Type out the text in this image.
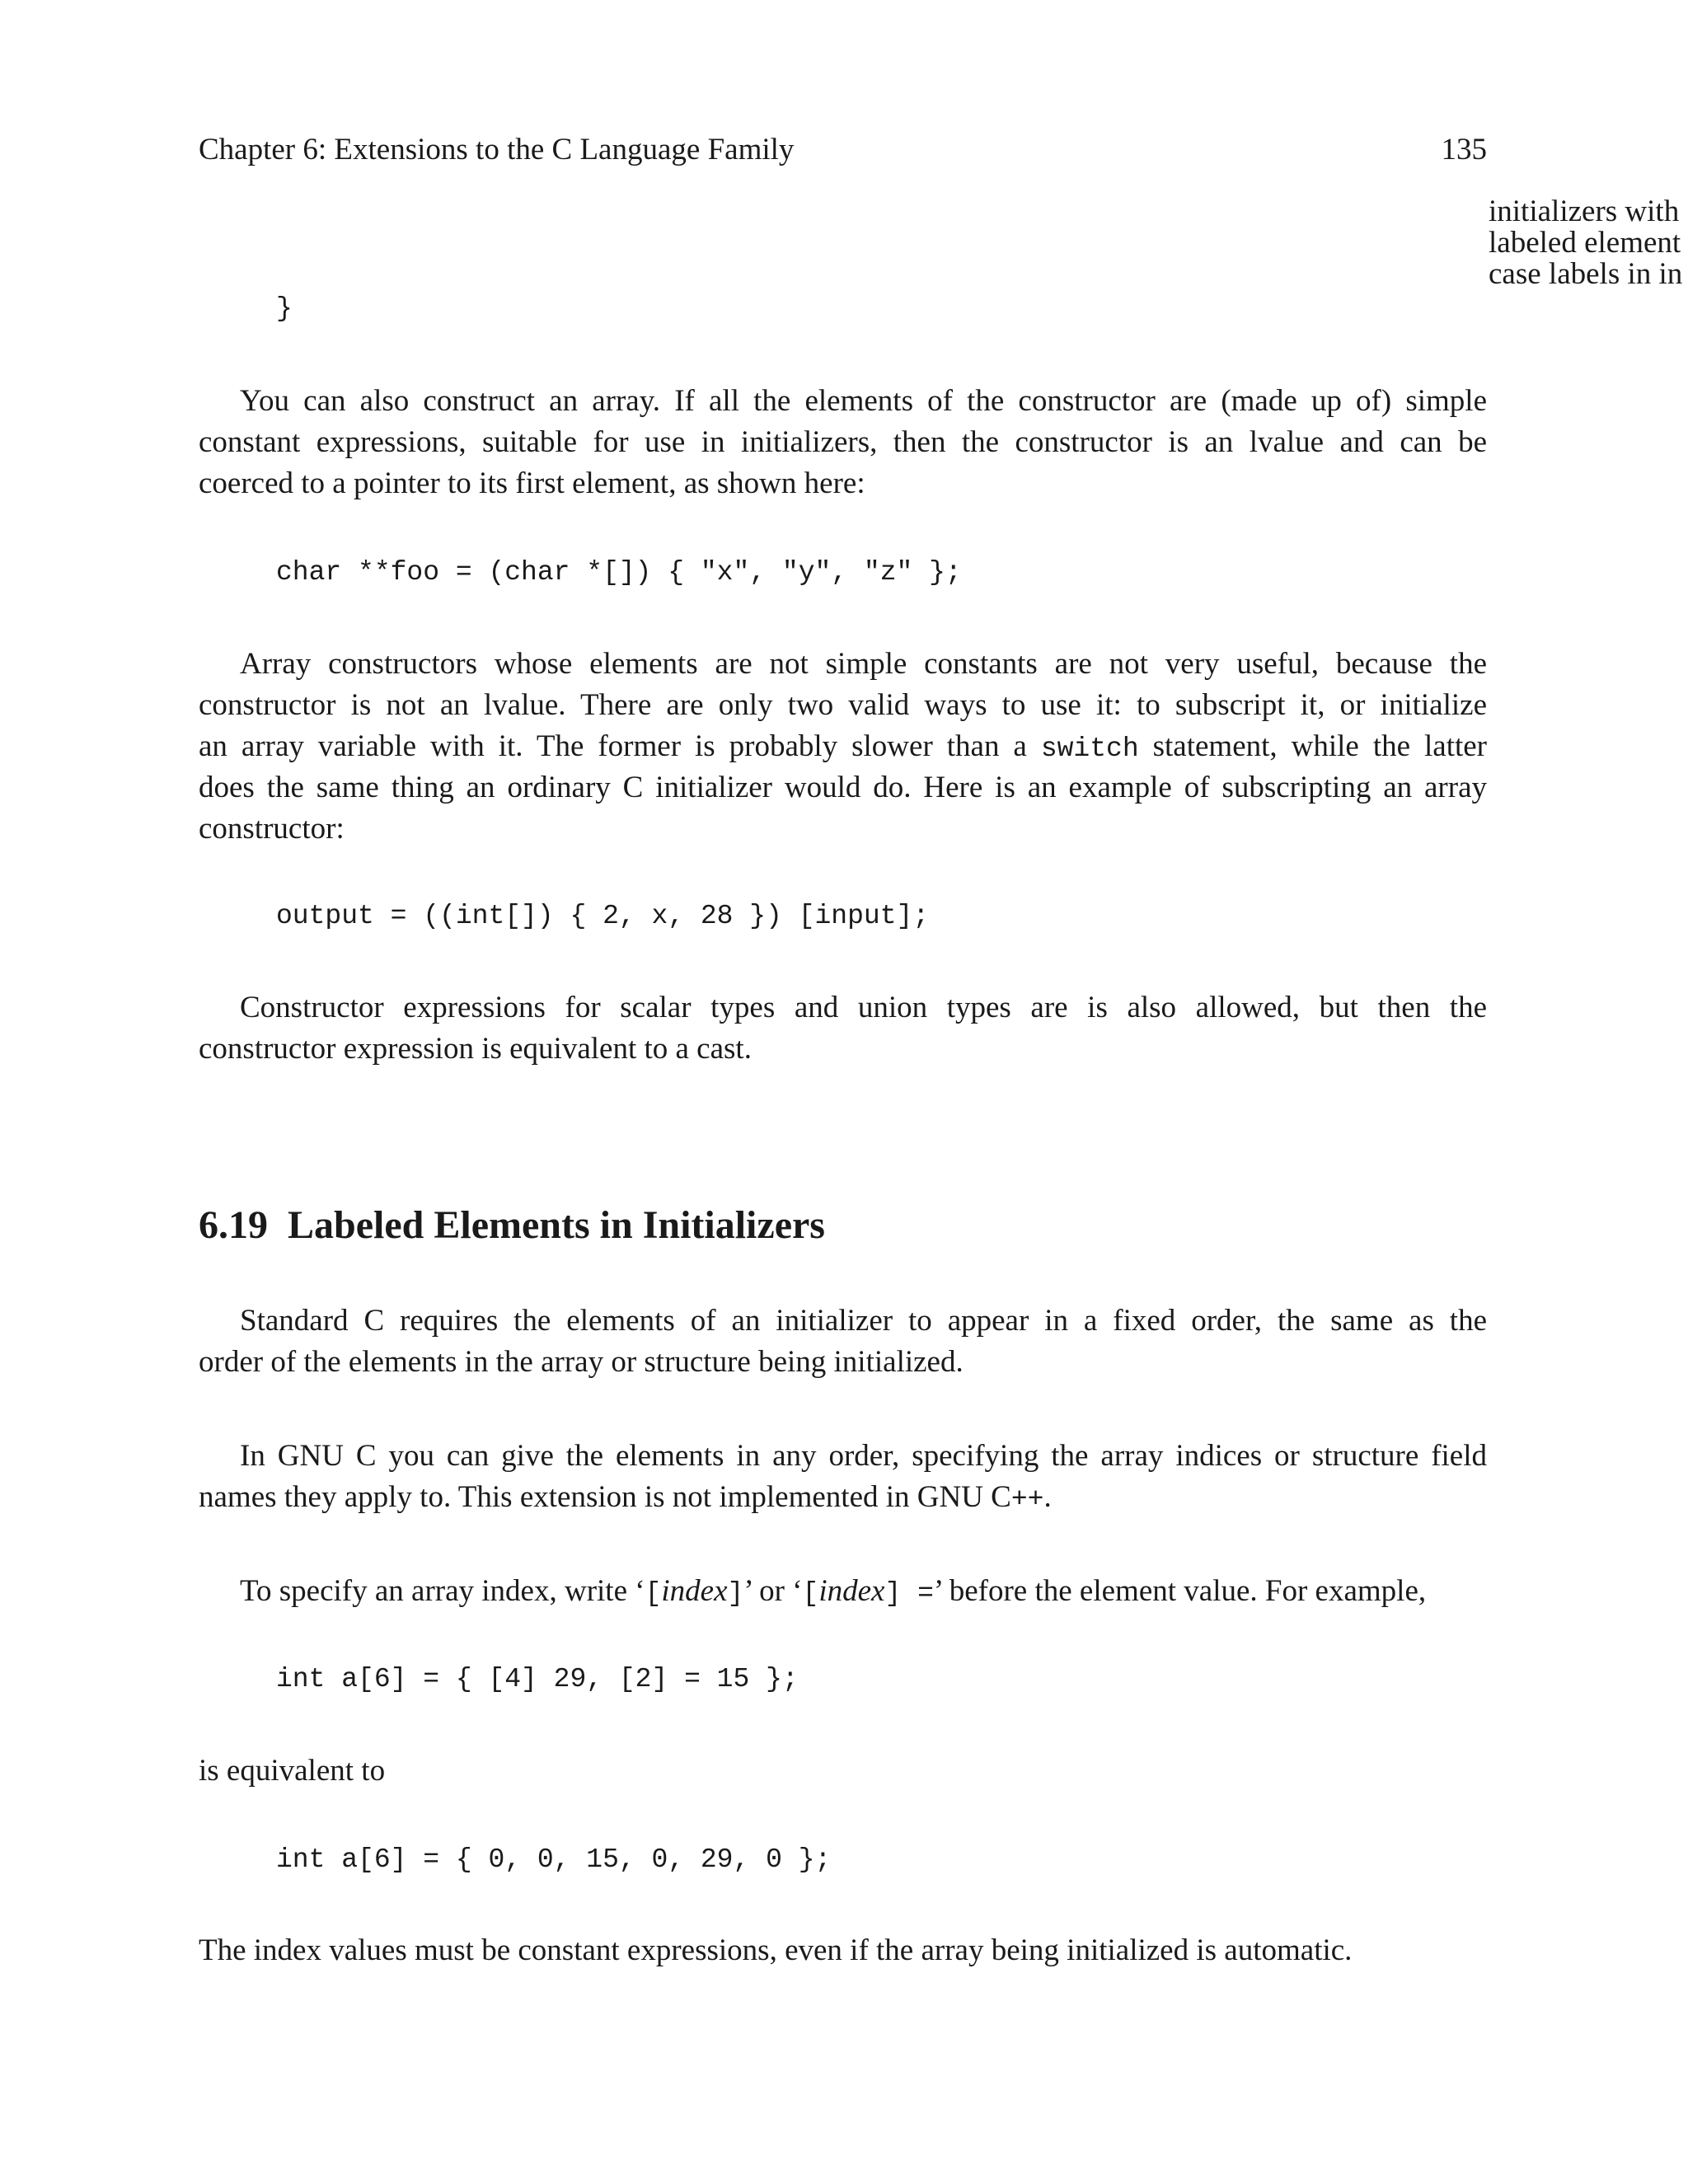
Chapter 6: Extensions to the C Language Family	135
initializers with
labeled element
case labels in in
}
You can also construct an array. If all the elements of the constructor are (made up of) simple
constant expressions, suitable for use in initializers, then the constructor is an lvalue and can be
coerced to a pointer to its first element, as shown here:
char **foo = (char *[]) { "x", "y", "z" };
Array constructors whose elements are not simple constants are not very useful, because the
constructor is not an lvalue. There are only two valid ways to use it: to subscript it, or initialize
an array variable with it. The former is probably slower than a switch statement, while the latter
does the same thing an ordinary C initializer would do. Here is an example of subscripting an array
constructor:
output = ((int[]) { 2, x, 28 }) [input];
Constructor expressions for scalar types and union types are is also allowed, but then the
constructor expression is equivalent to a cast.
6.19 Labeled Elements in Initializers
Standard C requires the elements of an initializer to appear in a fixed order, the same as the
order of the elements in the array or structure being initialized.
In GNU C you can give the elements in any order, specifying the array indices or structure field
names they apply to. This extension is not implemented in GNU C++.
To specify an array index, write ‘[index]’ or ‘[index] =’ before the element value. For example,
int a[6] = { [4] 29, [2] = 15 };
is equivalent to
int a[6] = { 0, 0, 15, 0, 29, 0 };
The index values must be constant expressions, even if the array being initialized is automatic.
